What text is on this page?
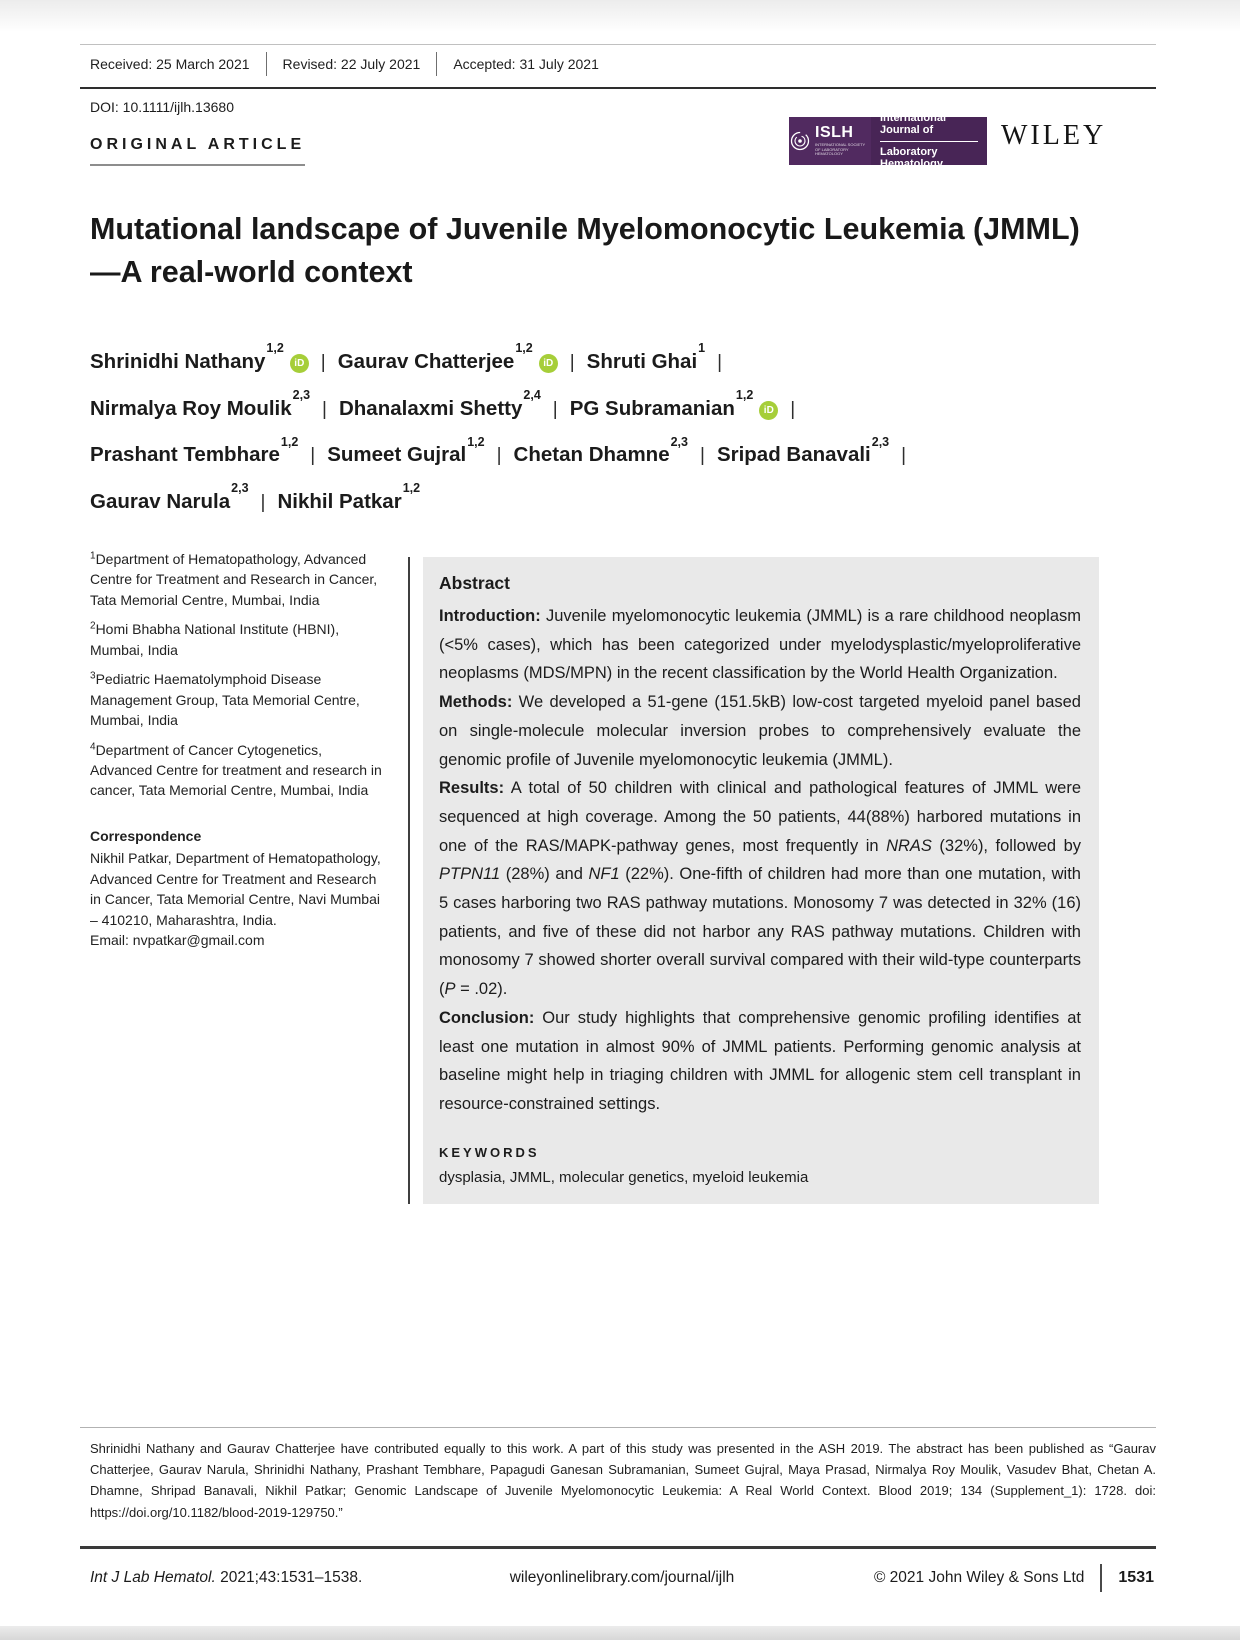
Received: 25 March 2021	Revised: 22 July 2021	Accepted: 31 July 2021
DOI: 10.1111/ijlh.13680
ORIGINAL ARTICLE
ISLH
INTERNATIONAL SOCIETY OF LABORATORY HEMATOLOGY
International Journal of
Laboratory Hematology
WILEY
Mutational landscape of Juvenile Myelomonocytic Leukemia (JMML)—A real-world context
Shrinidhi Nathany$^{1,2}$iD | Gaurav Chatterjee$^{1,2}$iD | Shruti Ghai$^1$|
Nirmalya Roy Moulik$^{2,3}$| Dhanalaxmi Shetty$^{2,4}$| PG Subramanian$^{1,2}$iD |
Prashant Tembhare$^{1,2}$| Sumeet Gujral$^{1,2}$| Chetan Dhamne$^{2,3}$| Sripad Banavali$^{2,3}$|
Gaurav Narula$^{2,3}$| Nikhil Patkar$^{1,2}$

$^1$Department of Hematopathology, Advanced Centre for Treatment and Research in Cancer, Tata Memorial Centre, Mumbai, India

$^2$Homi Bhabha National Institute (HBNI), Mumbai, India

$^3$Pediatric Haematolymphoid Disease Management Group, Tata Memorial Centre, Mumbai, India

$^4$Department of Cancer Cytogenetics, Advanced Centre for treatment and research in cancer, Tata Memorial Centre, Mumbai, India

Correspondence

Nikhil Patkar, Department of Hematopathology, Advanced Centre for Treatment and Research in Cancer, Tata Memorial Centre, Navi Mumbai – 410210, Maharashtra, India.

Email: nvpatkar@gmail.com

Abstract

Introduction: Juvenile myelomonocytic leukemia (JMML) is a rare childhood neoplasm (<5% cases), which has been categorized under myelodysplastic/myeloproliferative neoplasms (MDS/MPN) in the recent classification by the World Health Organization.

Methods: We developed a 51-gene (151.5kB) low-cost targeted myeloid panel based on single-molecule molecular inversion probes to comprehensively evaluate the genomic profile of Juvenile myelomonocytic leukemia (JMML).

Results: A total of 50 children with clinical and pathological features of JMML were sequenced at high coverage. Among the 50 patients, 44(88%) harbored mutations in one of the RAS/MAPK-pathway genes, most frequently in NRAS (32%), followed by PTPN11 (28%) and NF1 (22%). One-fifth of children had more than one mutation, with 5 cases harboring two RAS pathway mutations. Monosomy 7 was detected in 32% (16) patients, and five of these did not harbor any RAS pathway mutations. Children with monosomy 7 showed shorter overall survival compared with their wild-type counterparts (P = .02).

Conclusion: Our study highlights that comprehensive genomic profiling identifies at least one mutation in almost 90% of JMML patients. Performing genomic analysis at baseline might help in triaging children with JMML for allogenic stem cell transplant in resource-constrained settings.

KEYWORDS
dysplasia, JMML, molecular genetics, myeloid leukemia
Shrinidhi Nathany and Gaurav Chatterjee have contributed equally to this work. A part of this study was presented in the ASH 2019. The abstract has been published as “Gaurav Chatterjee, Gaurav Narula, Shrinidhi Nathany, Prashant Tembhare, Papagudi Ganesan Subramanian, Sumeet Gujral, Maya Prasad, Nirmalya Roy Moulik, Vasudev Bhat, Chetan A. Dhamne, Shripad Banavali, Nikhil Patkar; Genomic Landscape of Juvenile Myelomonocytic Leukemia: A Real World Context. Blood 2019; 134 (Supplement_1): 1728. doi: https://doi.org/10.1182/blood-2019-129750.”
Int J Lab Hematol. 2021;43:1531–1538.	wileyonlinelibrary.com/journal/ijlh	© 2021 John Wiley & Sons Ltd 1531
